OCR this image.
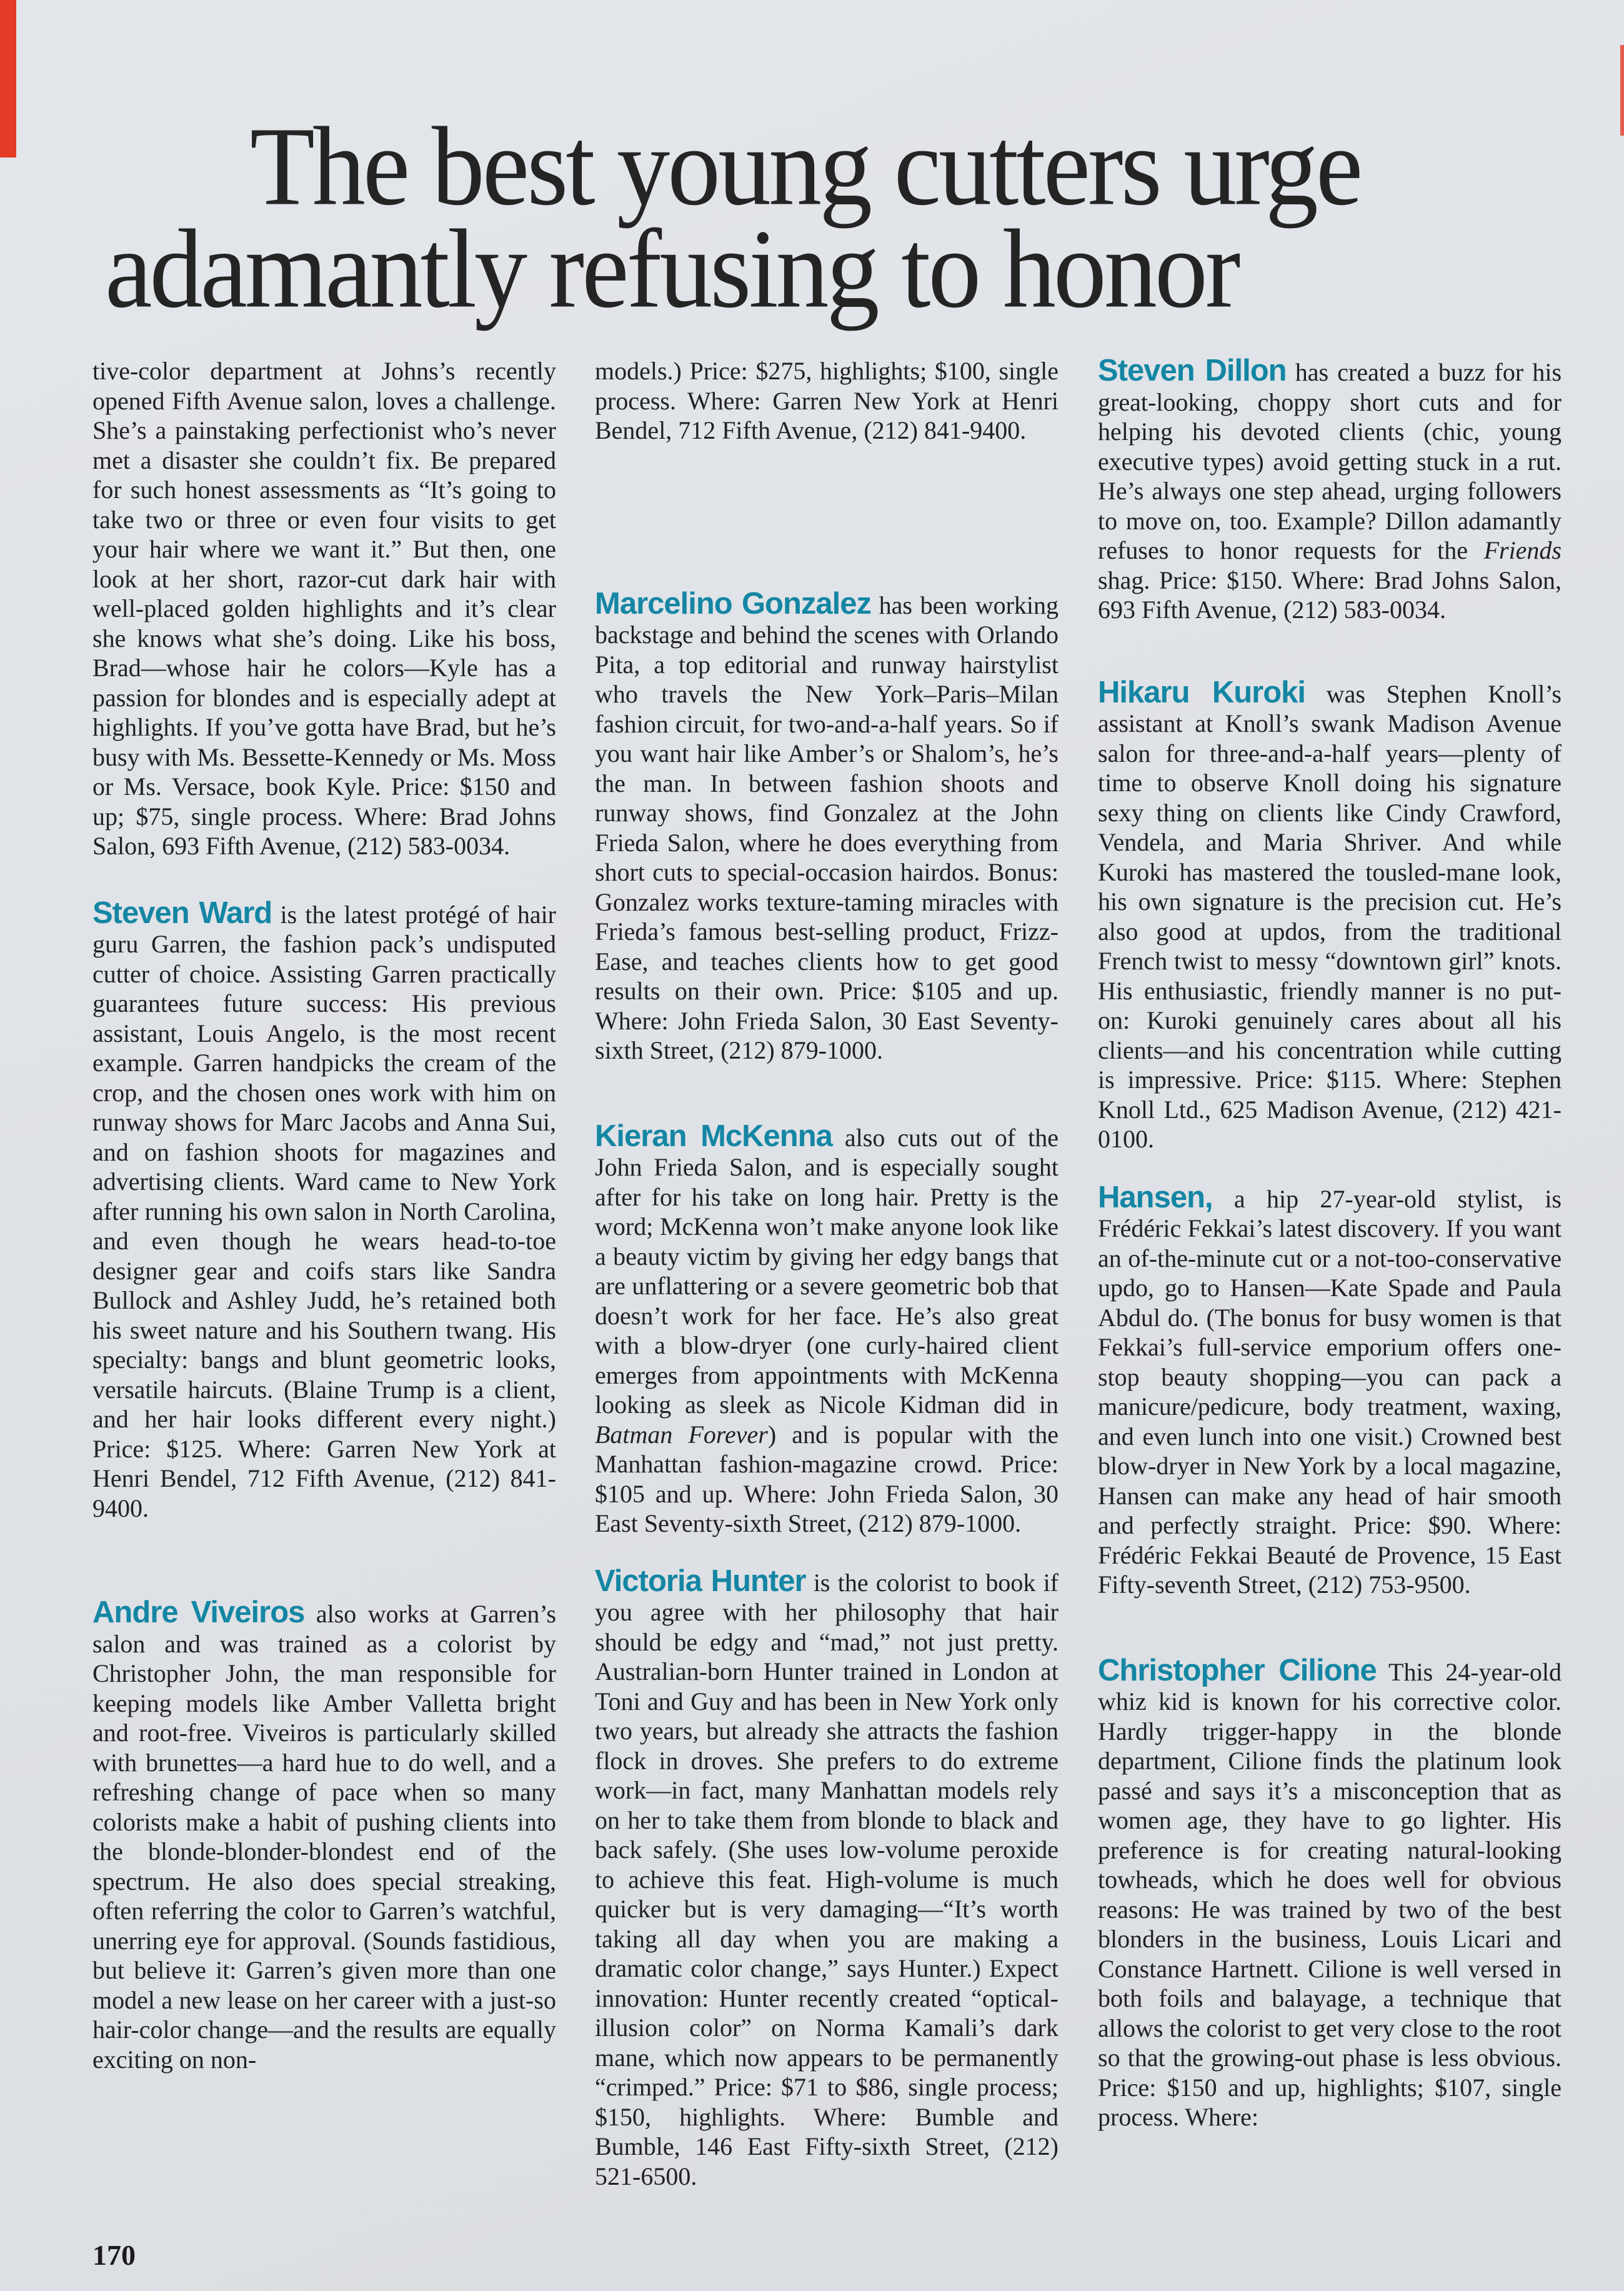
The best young cutters urge
adamantly refusing to honor

tive-color department at Johns’s recently opened Fifth Avenue salon, loves a challenge. She’s a painstaking perfectionist who’s never met a disaster she couldn’t fix. Be prepared for such honest assessments as “It’s going to take two or three or even four visits to get your hair where we want it.” But then, one look at her short, razor-cut dark hair with well-placed golden highlights and it’s clear she knows what she’s doing. Like his boss, Brad—whose hair he colors—Kyle has a passion for blondes and is especially adept at highlights. If you’ve gotta have Brad, but he’s busy with Ms. Bessette-Kennedy or Ms. Moss or Ms. Versace, book Kyle. Price: $150 and up; $75, single process. Where: Brad Johns Salon, 693 Fifth Avenue, (212) 583-0034.

Steven Ward is the latest protégé of hair guru Garren, the fashion pack’s undisputed cutter of choice. Assisting Garren practically guarantees future success: His previous assistant, Louis Angelo, is the most recent example. Garren handpicks the cream of the crop, and the chosen ones work with him on runway shows for Marc Jacobs and Anna Sui, and on fashion shoots for magazines and advertising clients. Ward came to New York after running his own salon in North Carolina, and even though he wears head-to-toe designer gear and coifs stars like Sandra Bullock and Ashley Judd, he’s retained both his sweet nature and his Southern twang. His specialty: bangs and blunt geometric looks, versatile haircuts. (Blaine Trump is a client, and her hair looks different every night.) Price: $125. Where: Garren New York at Henri Bendel, 712 Fifth Avenue, (212) 841-9400.

Andre Viveiros also works at Garren’s salon and was trained as a colorist by Christopher John, the man responsible for keeping models like Amber Valletta bright and root-free. Viveiros is particularly skilled with brunettes—a hard hue to do well, and a refreshing change of pace when so many colorists make a habit of pushing clients into the blonde-blonder-blondest end of the spectrum. He also does special streaking, often referring the color to Garren’s watchful, unerring eye for approval. (Sounds fastidious, but believe it: Garren’s given more than one model a new lease on her career with a just-so hair-color change—and the results are equally exciting on non-

models.) Price: $275, highlights; $100, single process. Where: Garren New York at Henri Bendel, 712 Fifth Avenue, (212) 841-9400.

Marcelino Gonzalez has been working backstage and behind the scenes with Orlando Pita, a top editorial and runway hairstylist who travels the New York–Paris–Milan fashion circuit, for two-and-a-half years. So if you want hair like Amber’s or Shalom’s, he’s the man. In between fashion shoots and runway shows, find Gonzalez at the John Frieda Salon, where he does everything from short cuts to special-occasion hairdos. Bonus: Gonzalez works texture-taming miracles with Frieda’s famous best-selling product, Frizz-Ease, and teaches clients how to get good results on their own. Price: $105 and up. Where: John Frieda Salon, 30 East Seventy-sixth Street, (212) 879-1000.

Kieran McKenna also cuts out of the John Frieda Salon, and is especially sought after for his take on long hair. Pretty is the word; McKenna won’t make anyone look like a beauty victim by giving her edgy bangs that are unflattering or a severe geometric bob that doesn’t work for her face. He’s also great with a blow-dryer (one curly-haired client emerges from appointments with McKenna looking as sleek as Nicole Kidman did in Batman Forever) and is popular with the Manhattan fashion-magazine crowd. Price: $105 and up. Where: John Frieda Salon, 30 East Seventy-sixth Street, (212) 879-1000.

Victoria Hunter is the colorist to book if you agree with her philosophy that hair should be edgy and “mad,” not just pretty. Australian-born Hunter trained in London at Toni and Guy and has been in New York only two years, but already she attracts the fashion flock in droves. She prefers to do extreme work—in fact, many Manhattan models rely on her to take them from blonde to black and back safely. (She uses low-volume peroxide to achieve this feat. High-volume is much quicker but is very damaging—“It’s worth taking all day when you are making a dramatic color change,” says Hunter.) Expect innovation: Hunter recently created “optical-illusion color” on Norma Kamali’s dark mane, which now appears to be permanently “crimped.” Price: $71 to $86, single process; $150, highlights. Where: Bumble and Bumble, 146 East Fifty-sixth Street, (212) 521-6500.

Steven Dillon has created a buzz for his great-looking, choppy short cuts and for helping his devoted clients (chic, young executive types) avoid getting stuck in a rut. He’s always one step ahead, urging followers to move on, too. Example? Dillon adamantly refuses to honor requests for the Friends shag. Price: $150. Where: Brad Johns Salon, 693 Fifth Avenue, (212) 583-0034.

Hikaru Kuroki was Stephen Knoll’s assistant at Knoll’s swank Madison Avenue salon for three-and-a-half years—plenty of time to observe Knoll doing his signature sexy thing on clients like Cindy Crawford, Vendela, and Maria Shriver. And while Kuroki has mastered the tousled-mane look, his own signature is the precision cut. He’s also good at updos, from the traditional French twist to messy “downtown girl” knots. His enthusiastic, friendly manner is no put-on: Kuroki genuinely cares about all his clients—and his concentration while cutting is impressive. Price: $115. Where: Stephen Knoll Ltd., 625 Madison Avenue, (212) 421-0100.

Hansen, a hip 27-year-old stylist, is Frédéric Fekkai’s latest discovery. If you want an of-the-minute cut or a not-too-conservative updo, go to Hansen—Kate Spade and Paula Abdul do. (The bonus for busy women is that Fekkai’s full-service emporium offers one-stop beauty shopping—you can pack a manicure/pedicure, body treatment, waxing, and even lunch into one visit.) Crowned best blow-dryer in New York by a local magazine, Hansen can make any head of hair smooth and perfectly straight. Price: $90. Where: Frédéric Fekkai Beauté de Provence, 15 East Fifty-seventh Street, (212) 753-9500.

Christopher Cilione This 24-year-old whiz kid is known for his corrective color. Hardly trigger-happy in the blonde department, Cilione finds the platinum look passé and says it’s a misconception that as women age, they have to go lighter. His preference is for creating natural-looking towheads, which he does well for obvious reasons: He was trained by two of the best blonders in the business, Louis Licari and Constance Hartnett. Cilione is well versed in both foils and balayage, a technique that allows the colorist to get very close to the root so that the growing-out phase is less obvious. Price: $150 and up, highlights; $107, single process. Where:

170
